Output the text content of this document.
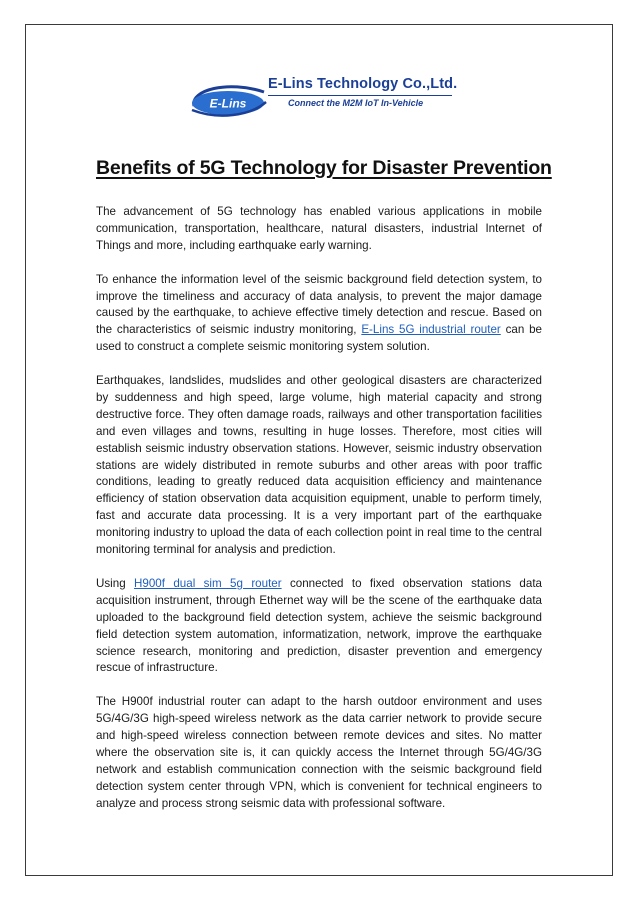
E-Lins
E-Lins Technology Co.,Ltd.
Connect the M2M IoT In-Vehicle
Benefits of 5G Technology for Disaster Prevention

The advancement of 5G technology has enabled various applications in mobile communication, transportation, healthcare, natural disasters, industrial Internet of Things and more, including earthquake early warning.

To enhance the information level of the seismic background field detection system, to improve the timeliness and accuracy of data analysis, to prevent the major damage caused by the earthquake, to achieve effective timely detection and rescue. Based on the characteristics of seismic industry monitoring, E-Lins 5G industrial router can be used to construct a complete seismic monitoring system solution.

Earthquakes, landslides, mudslides and other geological disasters are characterized by suddenness and high speed, large volume, high material capacity and strong destructive force. They often damage roads, railways and other transportation facilities and even villages and towns, resulting in huge losses. Therefore, most cities will establish seismic industry observation stations. However, seismic industry observation stations are widely distributed in remote suburbs and other areas with poor traffic conditions, leading to greatly reduced data acquisition efficiency and maintenance efficiency of station observation data acquisition equipment, unable to perform timely, fast and accurate data processing. It is a very important part of the earthquake monitoring industry to upload the data of each collection point in real time to the central monitoring terminal for analysis and prediction.

Using H900f dual sim 5g router connected to fixed observation stations data acquisition instrument, through Ethernet way will be the scene of the earthquake data uploaded to the background field detection system, achieve the seismic background field detection system automation, informatization, network, improve the earthquake science research, monitoring and prediction, disaster prevention and emergency rescue of infrastructure.

The H900f industrial router can adapt to the harsh outdoor environment and uses 5G/4G/3G high-speed wireless network as the data carrier network to provide secure and high-speed wireless connection between remote devices and sites. No matter where the observation site is, it can quickly access the Internet through 5G/4G/3G network and establish communication connection with the seismic background field detection system center through VPN, which is convenient for technical engineers to analyze and process strong seismic data with professional software.
